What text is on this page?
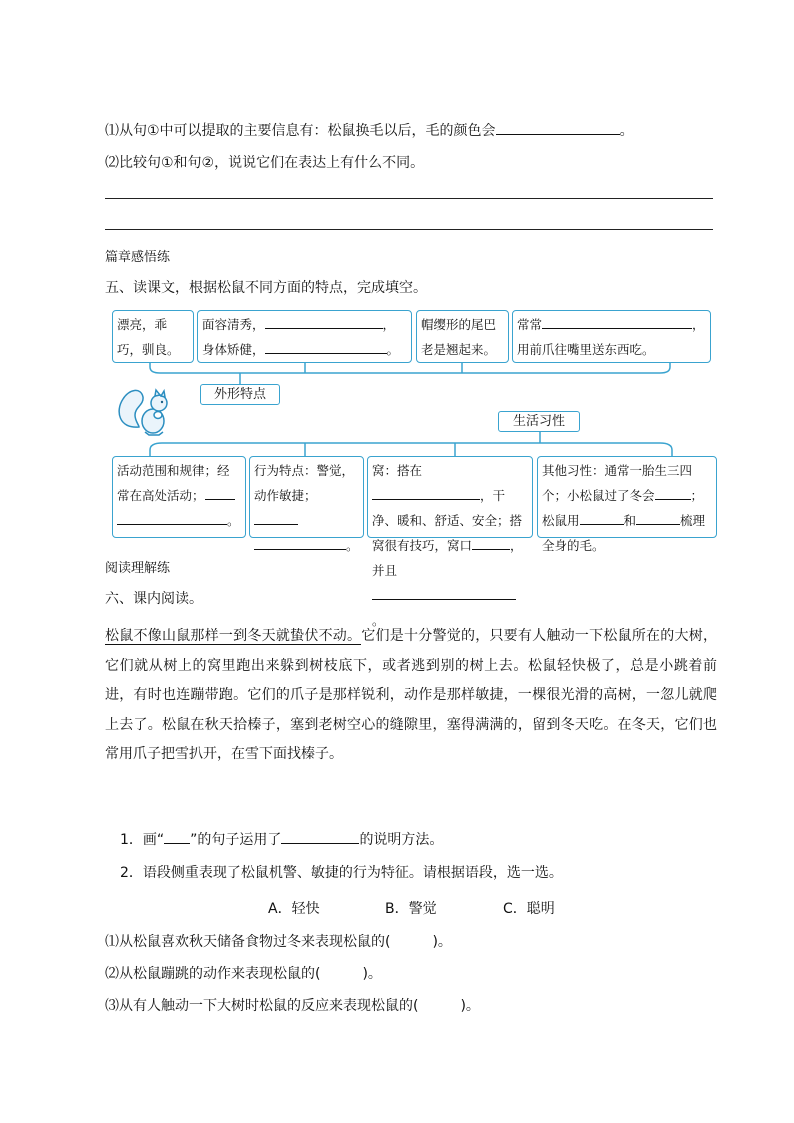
⑴从句①中可以提取的主要信息有：松鼠换毛以后，毛的颜色会	。
⑵比较句①和句②，说说它们在表达上有什么不同。
篇章感悟练
五、读课文，根据松鼠不同方面的特点，完成填空。
漂亮，乖巧，驯良。
面容清秀，	，身体矫健，	。
帽缨形的尾巴老是翘起来。
常常	，用前爪往嘴里送东西吃。
外形特点
生活习性
活动范围和规律；经常在高处活动；。
行为特点：警觉，动作敏捷；。
窝：搭在，干净、暖和、舒适、安全；搭窝很有技巧，窝口	，并且。
其他习性：通常一胎生三四个；小松鼠过了冬会	；松鼠用	和	梳理全身的毛。
阅读理解练
六、课内阅读。
松鼠不像山鼠那样一到冬天就蛰伏不动。它们是十分警觉的，只要有人触动一下松鼠所在的大树，它们就从树上的窝里跑出来躲到树枝底下，或者逃到别的树上去。松鼠轻快极了，总是小跳着前进，有时也连蹦带跑。它们的爪子是那样锐利，动作是那样敏捷，一棵很光滑的高树，一忽儿就爬上去了。松鼠在秋天拾榛子，塞到老树空心的缝隙里，塞得满满的，留到冬天吃。在冬天，它们也常用爪子把雪扒开，在雪下面找榛子。
1．画“ ”的句子运用了	的说明方法。
2．语段侧重表现了松鼠机警、敏捷的行为特征。请根据语段，选一选。
A．轻快	B．警觉	C．聪明
⑴从松鼠喜欢秋天储备食物过冬来表现松鼠的(　　　)。
⑵从松鼠蹦跳的动作来表现松鼠的(　　　)。
⑶从有人触动一下大树时松鼠的反应来表现松鼠的(　　　)。
